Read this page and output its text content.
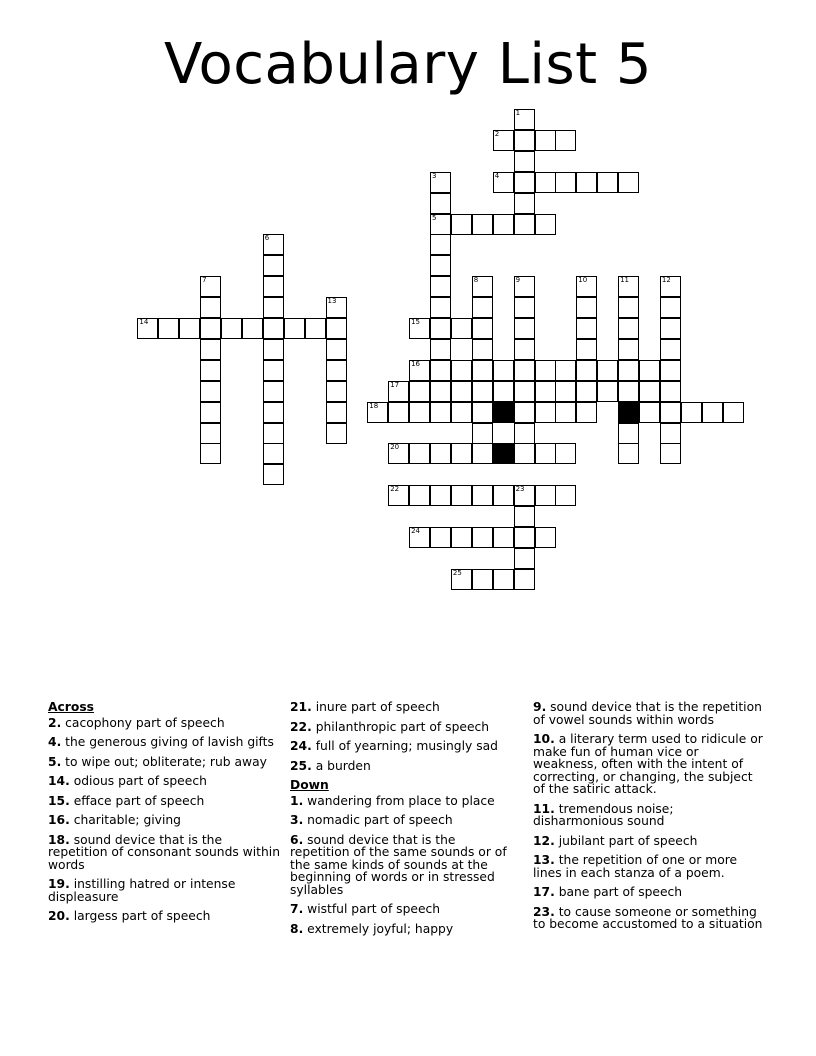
Vocabulary List 5
1
2
3
5
4
6
7	8	9	10	11
19
12
13
14	15
16
17
18
20	21
22	23
24
25
Across
2. cacophony part of speech
4. the generous giving of lavish gifts
5. to wipe out; obliterate; rub away
14. odious part of speech
15. efface part of speech
16. charitable; giving
18. sound device that is the repetition of consonant sounds within words
19. instilling hatred or intense displeasure
20. largess part of speech
21. inure part of speech
22. philanthropic part of speech
24. full of yearning; musingly sad
25. a burden
Down
1. wandering from place to place
3. nomadic part of speech
6. sound device that is the repetition of the same sounds or of the same kinds of sounds at the beginning of words or in stressed syllables
7. wistful part of speech
8. extremely joyful; happy
9. sound device that is the repetition of vowel sounds within words
10. a literary term used to ridicule or make fun of human vice or weakness, often with the intent of correcting, or changing, the subject of the satiric attack.
11. tremendous noise; disharmonious sound
12. jubilant part of speech
13. the repetition of one or more lines in each stanza of a poem.
17. bane part of speech
23. to cause someone or something to become accustomed to a situation
